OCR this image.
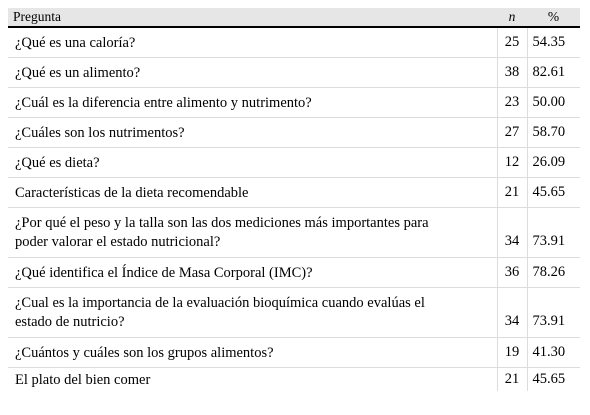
Pregunta	n	%
¿Qué es una caloría?	25	54.35
¿Qué es un alimento?	38	82.61
¿Cuál es la diferencia entre alimento y nutrimento?	23	50.00
¿Cuáles son los nutrimentos?	27	58.70
¿Qué es dieta?	12	26.09
Características de la dieta recomendable	21	45.65
¿Por qué el peso y la talla son las dos mediciones más importantes para
poder valorar el estado nutricional?	34	73.91
¿Qué identifica el Índice de Masa Corporal (IMC)?	36	78.26
¿Cual es la importancia de la evaluación bioquímica cuando evalúas el
estado de nutricio?	34	73.91
¿Cuántos y cuáles son los grupos alimentos?	19	41.30
El plato del bien comer	21	45.65
